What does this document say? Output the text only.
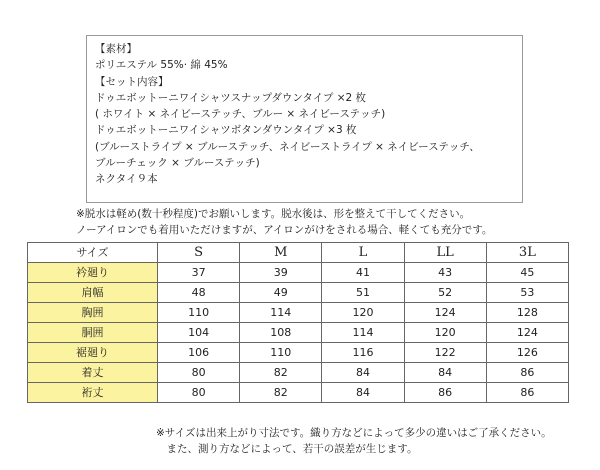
【素材】
ポリエステル 55%· 綿 45%
【セット内容】
ドゥエボットーニワイシャツスナップダウンタイプ ×2 枚
( ホワイト × ネイビーステッチ、ブルー × ネイビーステッチ)
ドゥエボットーニワイシャツボタンダウンタイプ ×3 枚
(ブルーストライプ × ブルーステッチ、ネイビーストライプ × ネイビーステッチ、
ブルーチェック × ブルーステッチ)
ネクタイ９本
※脱水は軽め(数十秒程度)でお願いします。脱水後は、形を整えて干してください。
ノーアイロンでも着用いただけますが、アイロンがけをされる場合、軽くても充分です。
サイズ	S	M	L	LL	3L
衿廻り	37	39	41	43	45
肩幅	48	49	51	52	53
胸囲	110	114	120	124	128
胴囲	104	108	114	120	124
裾廻り	106	110	116	122	126
着丈	80	82	84	84	86
裄丈	80	82	84	86	86
※サイズは出来上がり寸法です。織り方などによって多少の違いはご了承ください。
　また、測り方などによって、若干の誤差が生じます。
